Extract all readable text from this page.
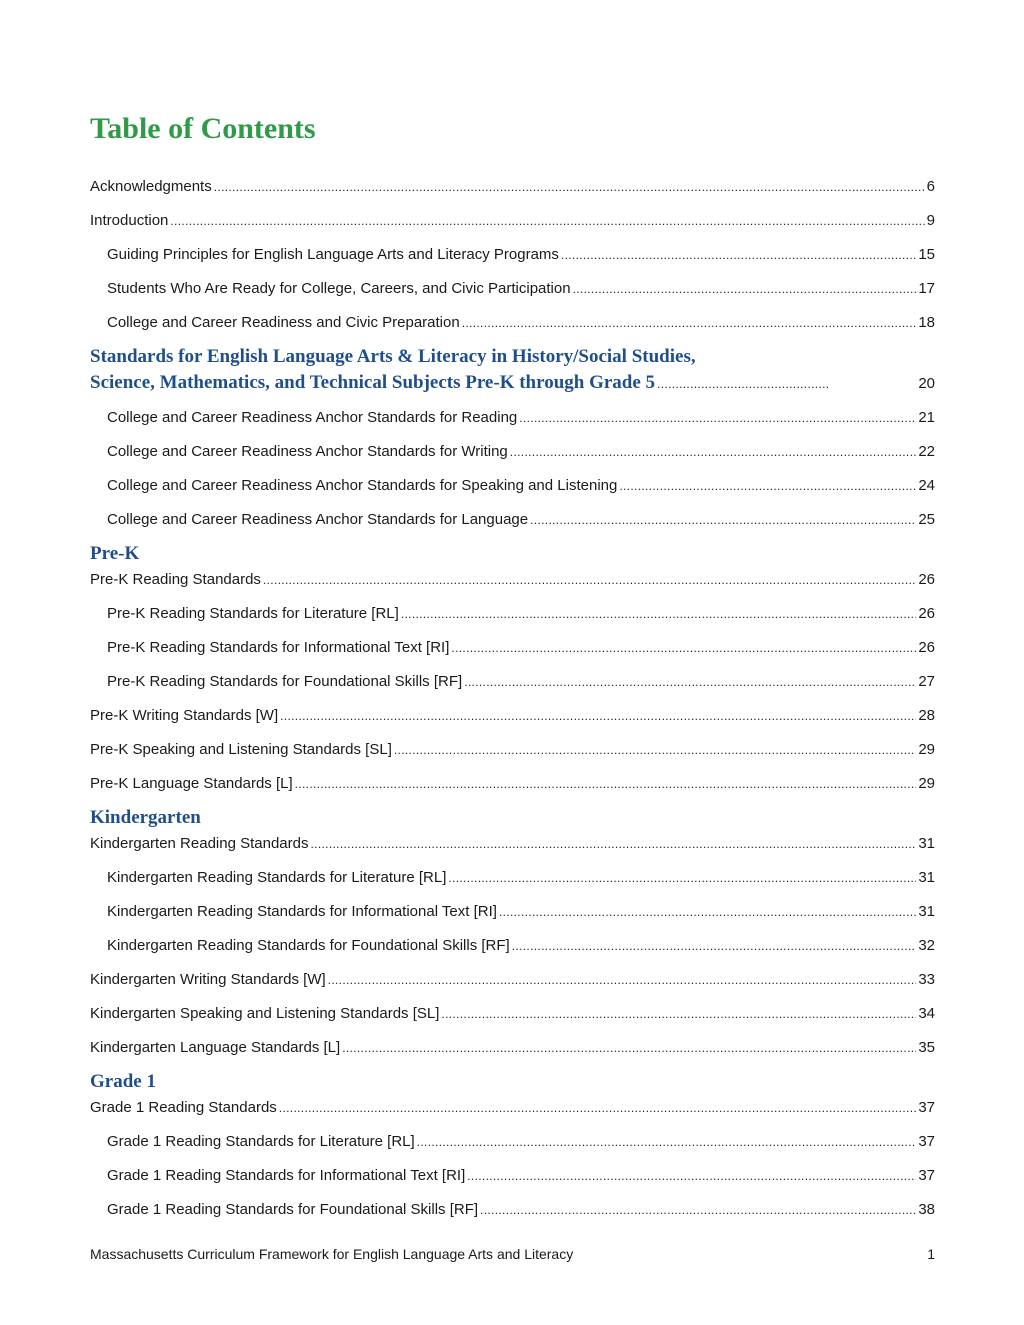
Table of Contents
Acknowledgments . . .	6
Introduction . . .	9
Guiding Principles for English Language Arts and Literacy Programs . . .	15
Students Who Are Ready for College, Careers, and Civic Participation . . .	17
College and Career Readiness and Civic Preparation . . .	18
Standards for English Language Arts & Literacy in History/Social Studies,
Science, Mathematics, and Technical Subjects Pre-K through Grade 5 . . .	20
College and Career Readiness Anchor Standards for Reading . . .	21
College and Career Readiness Anchor Standards for Writing . . .	22
College and Career Readiness Anchor Standards for Speaking and Listening . . .	24
College and Career Readiness Anchor Standards for Language . . .	25
Pre-K
Pre-K Reading Standards . . .	26
Pre-K Reading Standards for Literature [RL] . . .	26
Pre-K Reading Standards for Informational Text [RI] . . .	26
Pre-K Reading Standards for Foundational Skills [RF] . . .	27
Pre-K Writing Standards [W] . . .	28
Pre-K Speaking and Listening Standards [SL] . . .	29
Pre-K Language Standards [L] . . .	29
Kindergarten
Kindergarten Reading Standards . . .	31
Kindergarten Reading Standards for Literature [RL] . . .	31
Kindergarten Reading Standards for Informational Text [RI] . . .	31
Kindergarten Reading Standards for Foundational Skills [RF] . . .	32
Kindergarten Writing Standards [W] . . .	33
Kindergarten Speaking and Listening Standards [SL] . . .	34
Kindergarten Language Standards [L] . . .	35
Grade 1
Grade 1 Reading Standards . . .	37
Grade 1 Reading Standards for Literature [RL] . . .	37
Grade 1 Reading Standards for Informational Text [RI] . . .	37
Grade 1 Reading Standards for Foundational Skills [RF] . . .	38
Massachusetts Curriculum Framework for English Language Arts and Literacy	1
